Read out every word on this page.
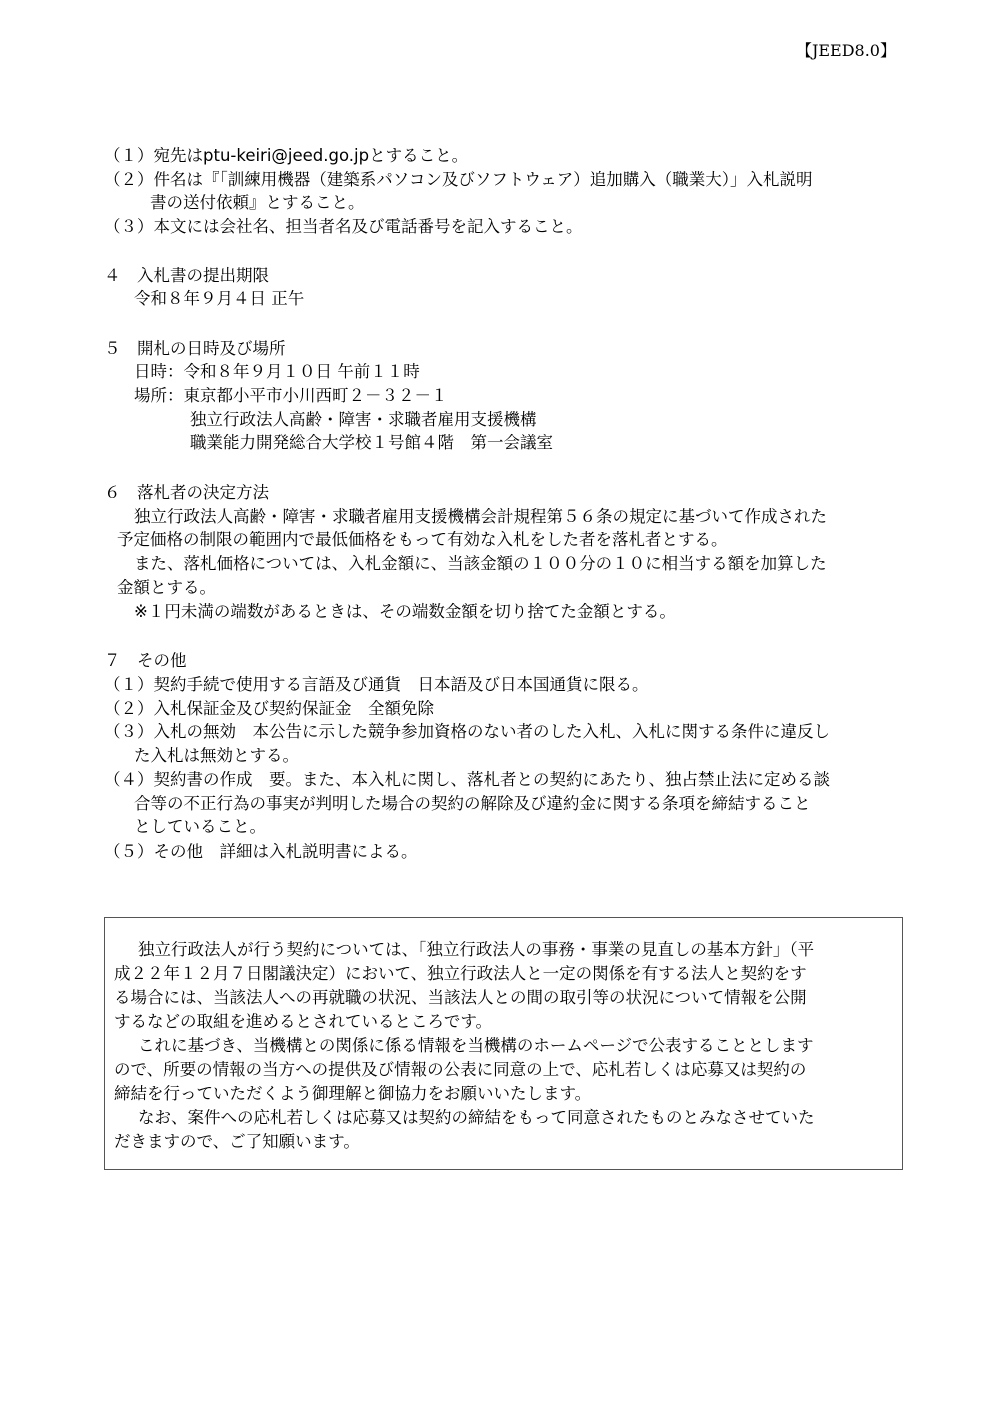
【JEED8.0】
（１）宛先はptu-keiri@jeed.go.jpとすること。
（２）件名は『「訓練用機器（建築系パソコン及びソフトウェア）追加購入（職業大）」入札説明
書の送付依頼』とすること。
（３）本文には会社名、担当者名及び電話番号を記入すること。
４　入札書の提出期限
令和８年９月４日 正午
５　開札の日時及び場所
日時：令和８年９月１０日 午前１１時
場所：東京都小平市小川西町２－３２－１
独立行政法人高齢・障害・求職者雇用支援機構
職業能力開発総合大学校１号館４階　第一会議室
６　落札者の決定方法
独立行政法人高齢・障害・求職者雇用支援機構会計規程第５６条の規定に基づいて作成された
予定価格の制限の範囲内で最低価格をもって有効な入札をした者を落札者とする。
また、落札価格については、入札金額に、当該金額の１００分の１０に相当する額を加算した
金額とする。
※１円未満の端数があるときは、その端数金額を切り捨てた金額とする。
７　その他
（１）契約手続で使用する言語及び通貨　日本語及び日本国通貨に限る。
（２）入札保証金及び契約保証金　全額免除
（３）入札の無効　本公告に示した競争参加資格のない者のした入札、入札に関する条件に違反し
た入札は無効とする。
（４）契約書の作成　要。また、本入札に関し、落札者との契約にあたり、独占禁止法に定める談
合等の不正行為の事実が判明した場合の契約の解除及び違約金に関する条項を締結すること
としていること。
（５）その他　詳細は入札説明書による。
独立行政法人が行う契約については、「独立行政法人の事務・事業の見直しの基本方針」（平
成２２年１２月７日閣議決定）において、独立行政法人と一定の関係を有する法人と契約をす
る場合には、当該法人への再就職の状況、当該法人との間の取引等の状況について情報を公開
するなどの取組を進めるとされているところです。
これに基づき、当機構との関係に係る情報を当機構のホームページで公表することとします
ので、所要の情報の当方への提供及び情報の公表に同意の上で、応札若しくは応募又は契約の
締結を行っていただくよう御理解と御協力をお願いいたします。
なお、案件への応札若しくは応募又は契約の締結をもって同意されたものとみなさせていた
だきますので、ご了知願います。
